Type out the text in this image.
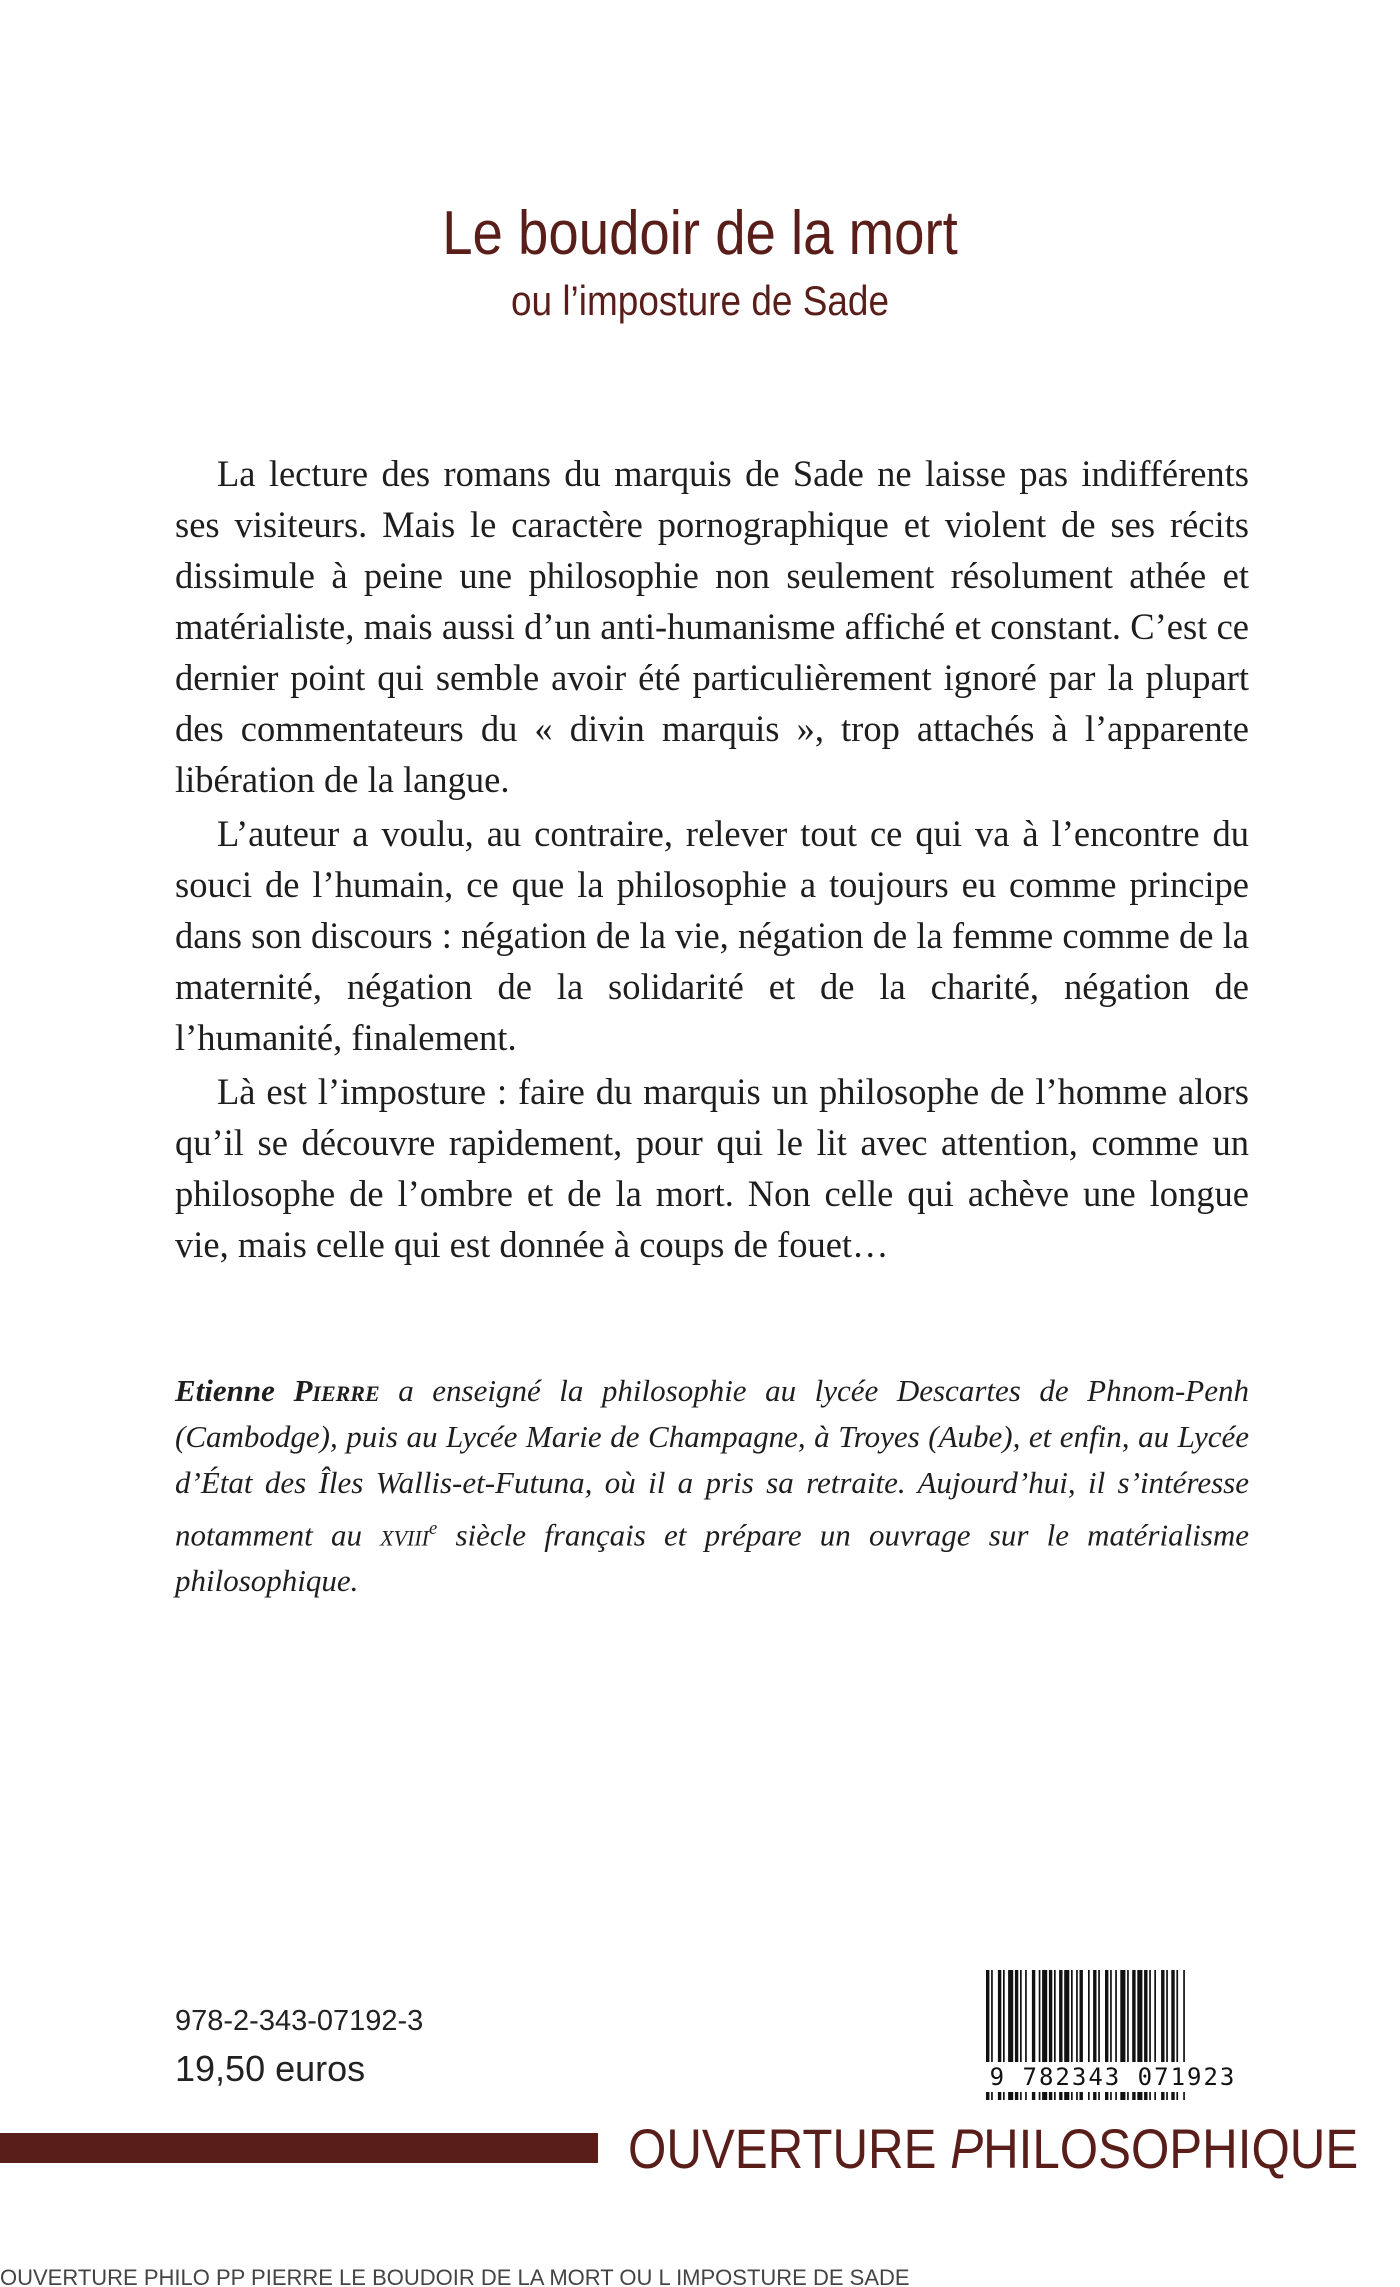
Le boudoir de la mort
ou l’imposture de Sade

La lecture des romans du marquis de Sade ne laisse pas indifférents ses visiteurs. Mais le caractère pornographique et violent de ses récits dissimule à peine une philosophie non seulement résolument athée et matérialiste, mais aussi d’un anti-humanisme affiché et constant. C’est ce dernier point qui semble avoir été particulièrement ignoré par la plupart des commentateurs du « divin marquis », trop attachés à l’apparente libération de la langue.

L’auteur a voulu, au contraire, relever tout ce qui va à l’encontre du souci de l’humain, ce que la philosophie a toujours eu comme principe dans son discours : négation de la vie, négation de la femme comme de la maternité, négation de la solidarité et de la charité, négation de l’humanité, finalement.

Là est l’imposture : faire du marquis un philosophe de l’homme alors qu’il se découvre rapidement, pour qui le lit avec attention, comme un philosophe de l’ombre et de la mort. Non celle qui achève une longue vie, mais celle qui est donnée à coups de fouet…

Etienne Pierre a enseigné la philosophie au lycée Descartes de Phnom-Penh (Cambodge), puis au Lycée Marie de Champagne, à Troyes (Aube), et enfin, au Lycée d’État des Îles Wallis-et-Futuna, où il a pris sa retraite. Aujourd’hui, il s’intéresse notamment au xviii$^e$ siècle français et prépare un ouvrage sur le matérialisme philosophique.
978-2-343-07192-3
19,50 euros	9 782343 071923
OUVERTURE PHILOSOPHIQUE
OUVERTURE PHILO PP PIERRE LE BOUDOIR DE LA MORT OU L IMPOSTURE DE SADE
